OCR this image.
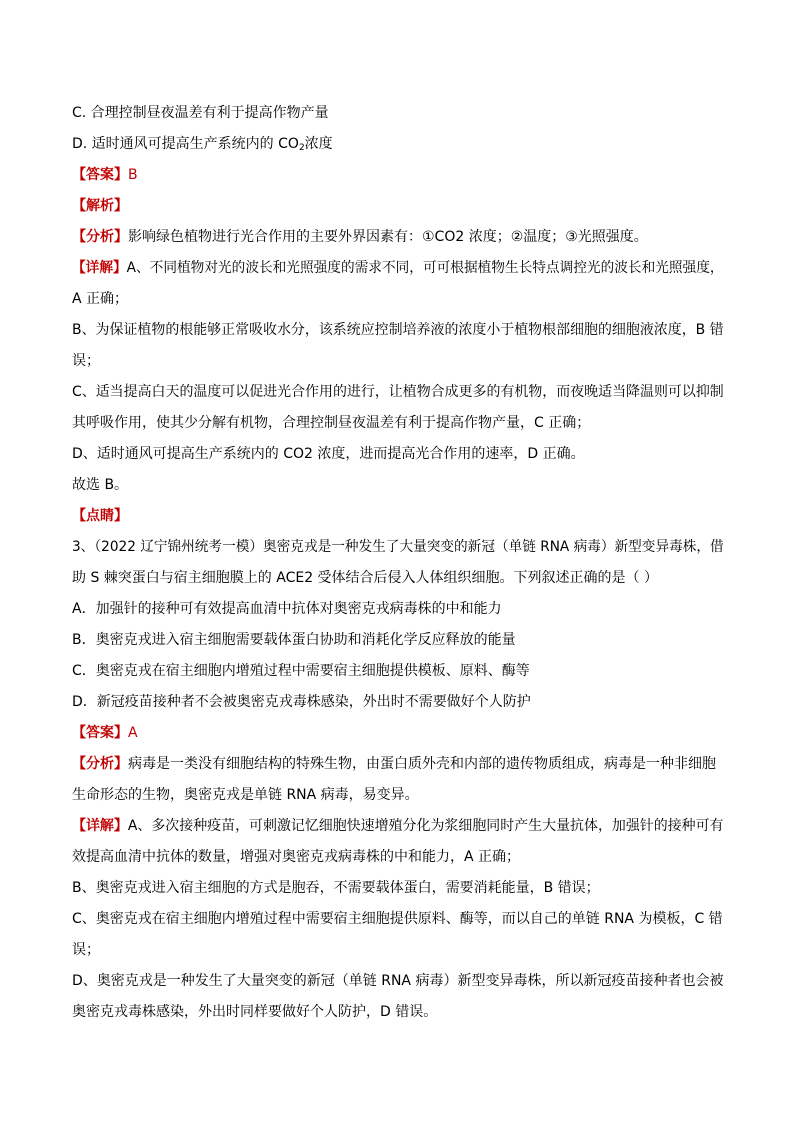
C. 合理控制昼夜温差有利于提高作物产量
D. 适时通风可提高生产系统内的 $CO_2$浓度
【答案】B
【解析】
【分析】影响绿色植物进行光合作用的主要外界因素有：①CO2 浓度；②温度；③光照强度。
【详解】A、不同植物对光的波长和光照强度的需求不同，可可根据植物生长特点调控光的波长和光照强度，
A 正确；
B、为保证植物的根能够正常吸收水分，该系统应控制培养液的浓度小于植物根部细胞的细胞液浓度，B 错
误；
C、适当提高白天的温度可以促进光合作用的进行，让植物合成更多的有机物，而夜晚适当降温则可以抑制
其呼吸作用，使其少分解有机物，合理控制昼夜温差有利于提高作物产量，C 正确；
D、适时通风可提高生产系统内的 CO2 浓度，进而提高光合作用的速率，D 正确。
故选 B。
【点睛】
3、（2022 辽宁锦州统考一模）奥密克戎是一种发生了大量突变的新冠（单链 RNA 病毒）新型变异毒株，借
助 S 棘突蛋白与宿主细胞膜上的 ACE2 受体结合后侵入人体组织细胞。下列叙述正确的是（ ）
A．加强针的接种可有效提高血清中抗体对奥密克戎病毒株的中和能力
B．奥密克戎进入宿主细胞需要载体蛋白协助和消耗化学反应释放的能量
C．奥密克戎在宿主细胞内增殖过程中需要宿主细胞提供模板、原料、酶等
D．新冠疫苗接种者不会被奥密克戎毒株感染，外出时不需要做好个人防护
【答案】A
【分析】病毒是一类没有细胞结构的特殊生物，由蛋白质外壳和内部的遗传物质组成，病毒是一种非细胞
生命形态的生物，奥密克戎是单链 RNA 病毒，易变异。
【详解】A、多次接种疫苗，可刺激记忆细胞快速增殖分化为浆细胞同时产生大量抗体，加强针的接种可有
效提高血清中抗体的数量，增强对奥密克戎病毒株的中和能力，A 正确；
B、奥密克戎进入宿主细胞的方式是胞吞，不需要载体蛋白，需要消耗能量，B 错误；
C、奥密克戎在宿主细胞内增殖过程中需要宿主细胞提供原料、酶等，而以自己的单链 RNA 为模板，C 错
误；
D、奥密克戎是一种发生了大量突变的新冠（单链 RNA 病毒）新型变异毒株，所以新冠疫苗接种者也会被
奥密克戎毒株感染，外出时同样要做好个人防护，D 错误。
